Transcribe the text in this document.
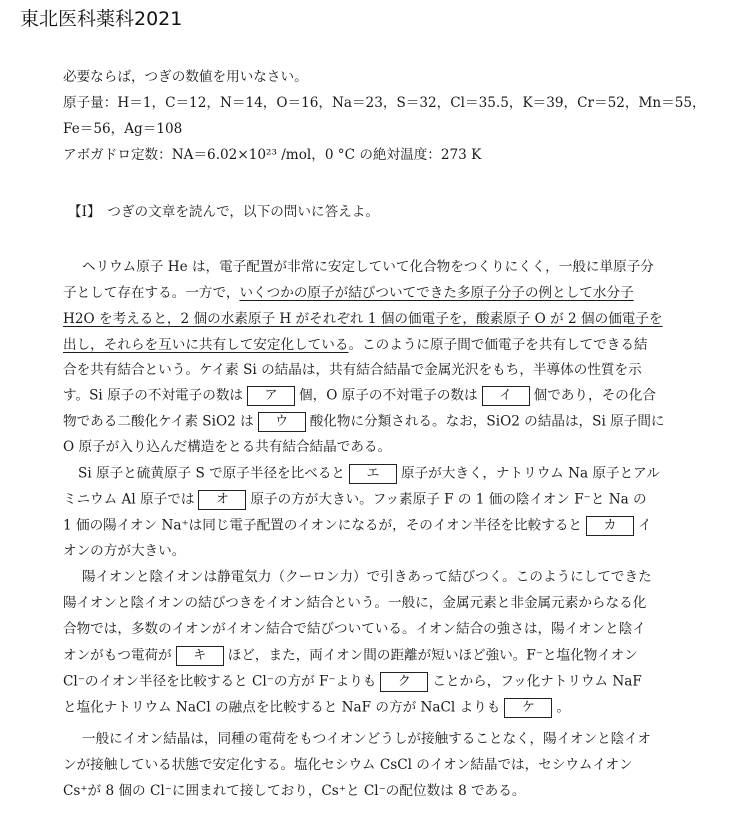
東北医科薬科2021
必要ならば，つぎの数値を用いなさい。
原子量：H＝1，C＝12，N＝14，O＝16，Na＝23，S＝32，Cl＝35.5，K＝39，Cr＝52，Mn＝55，
Fe＝56，Ag＝108
アボガドロ定数：NA＝6.02×10²³ /mol，0 °C の絶対温度：273 K
【Ⅰ】　つぎの文章を読んで，以下の問いに答えよ。
ヘリウム原子 He は，電子配置が非常に安定していて化合物をつくりにくく，一般に単原子分
子として存在する。一方で，いくつかの原子が結びついてできた多原子分子の例として水分子
H2O を考えると，2 個の水素原子 H がそれぞれ 1 個の価電子を，酸素原子 O が 2 個の価電子を
出し，それらを互いに共有して安定化している。このように原子間で価電子を共有してできる結
合を共有結合という。ケイ素 Si の結晶は，共有結合結晶で金属光沢をもち，半導体の性質を示
す。Si 原子の不対電子の数は ア 個，O 原子の不対電子の数は イ 個であり，その化合
物である二酸化ケイ素 SiO2 は ウ 酸化物に分類される。なお，SiO2 の結晶は，Si 原子間に
O 原子が入り込んだ構造をとる共有結合結晶である。
Si 原子と硫黄原子 S で原子半径を比べると エ 原子が大きく，ナトリウム Na 原子とアル
ミニウム Al 原子では オ 原子の方が大きい。フッ素原子 F の 1 価の陰イオン F⁻と Na の
1 価の陽イオン Na⁺は同じ電子配置のイオンになるが，そのイオン半径を比較すると カ イ
オンの方が大きい。
陽イオンと陰イオンは静電気力（クーロン力）で引きあって結びつく。このようにしてできた
陽イオンと陰イオンの結びつきをイオン結合という。一般に，金属元素と非金属元素からなる化
合物では，多数のイオンがイオン結合で結びついている。イオン結合の強さは，陽イオンと陰イ
オンがもつ電荷が キ ほど，また，両イオン間の距離が短いほど強い。F⁻と塩化物イオン
Cl⁻のイオン半径を比較すると Cl⁻の方が F⁻よりも ク ことから，フッ化ナトリウム NaF
と塩化ナトリウム NaCl の融点を比較すると NaF の方が NaCl よりも ケ 。
一般にイオン結晶は，同種の電荷をもつイオンどうしが接触することなく，陽イオンと陰イオ
ンが接触している状態で安定化する。塩化セシウム CsCl のイオン結晶では，セシウムイオン
Cs⁺が 8 個の Cl⁻に囲まれて接しており，Cs⁺と Cl⁻の配位数は 8 である。
